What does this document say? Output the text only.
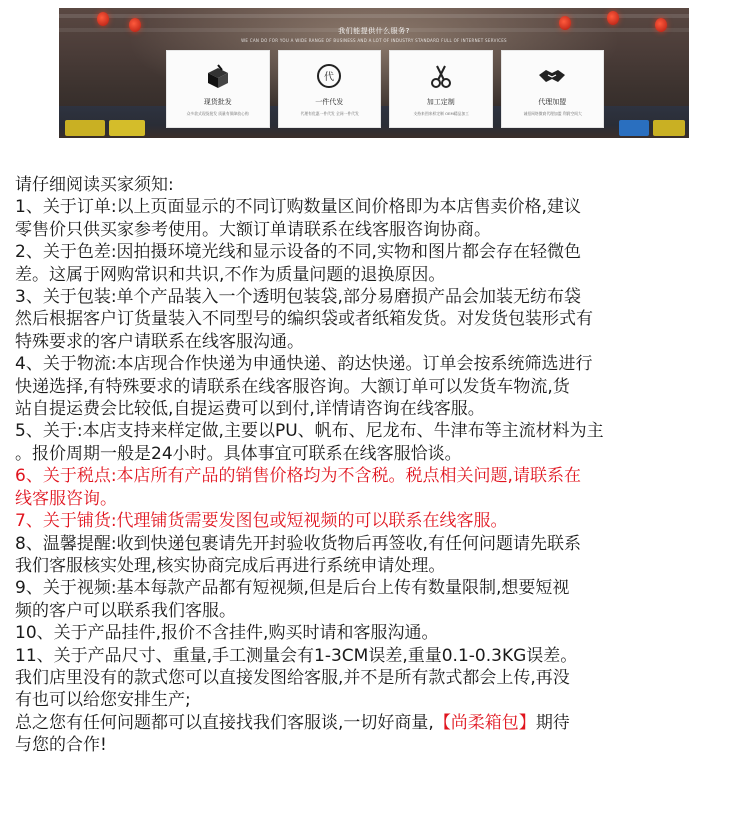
我们能提供什么服务?
WE CAN DO FOR YOU A WIDE RANGE OF BUSINESS AND A LOT OF INDUSTRY STANDARD FULL OF INTERNET SERVICES
现货批发
众多款式现货批发 质量有保障放心购
代
一件代发
代理有优惠一件代发 全网一件代发
加工定制
支持来图来样定制 OEM精品加工
代理加盟
诚招网络微商代理加盟 利润空间大
请仔细阅读买家须知:
1、关于订单:以上页面显示的不同订购数量区间价格即为本店售卖价格,建议
零售价只供买家参考使用。大额订单请联系在线客服咨询协商。
2、关于色差:因拍摄环境光线和显示设备的不同,实物和图片都会存在轻微色
差。这属于网购常识和共识,不作为质量问题的退换原因。
3、关于包装:单个产品装入一个透明包装袋,部分易磨损产品会加装无纺布袋
然后根据客户订货量装入不同型号的编织袋或者纸箱发货。对发货包装形式有
特殊要求的客户请联系在线客服沟通。
4、关于物流:本店现合作快递为申通快递、韵达快递。订单会按系统筛选进行
快递选择,有特殊要求的请联系在线客服咨询。大额订单可以发货车物流,货
站自提运费会比较低,自提运费可以到付,详情请咨询在线客服。
5、关于:本店支持来样定做,主要以PU、帆布、尼龙布、牛津布等主流材料为主
。报价周期一般是24小时。具体事宜可联系在线客服恰谈。
6、关于税点:本店所有产品的销售价格均为不含税。税点相关问题,请联系在
线客服咨询。
7、关于铺货:代理铺货需要发图包或短视频的可以联系在线客服。
8、温馨提醒:收到快递包裹请先开封验收货物后再签收,有任何问题请先联系
我们客服核实处理,核实协商完成后再进行系统申请处理。
9、关于视频:基本每款产品都有短视频,但是后台上传有数量限制,想要短视
频的客户可以联系我们客服。
10、关于产品挂件,报价不含挂件,购买时请和客服沟通。
11、关于产品尺寸、重量,手工测量会有1-3CM误差,重量0.1-0.3KG误差。
我们店里没有的款式您可以直接发图给客服,并不是所有款式都会上传,再没
有也可以给您安排生产;
总之您有任何问题都可以直接找我们客服谈,一切好商量,【尚柔箱包】期待
与您的合作!
